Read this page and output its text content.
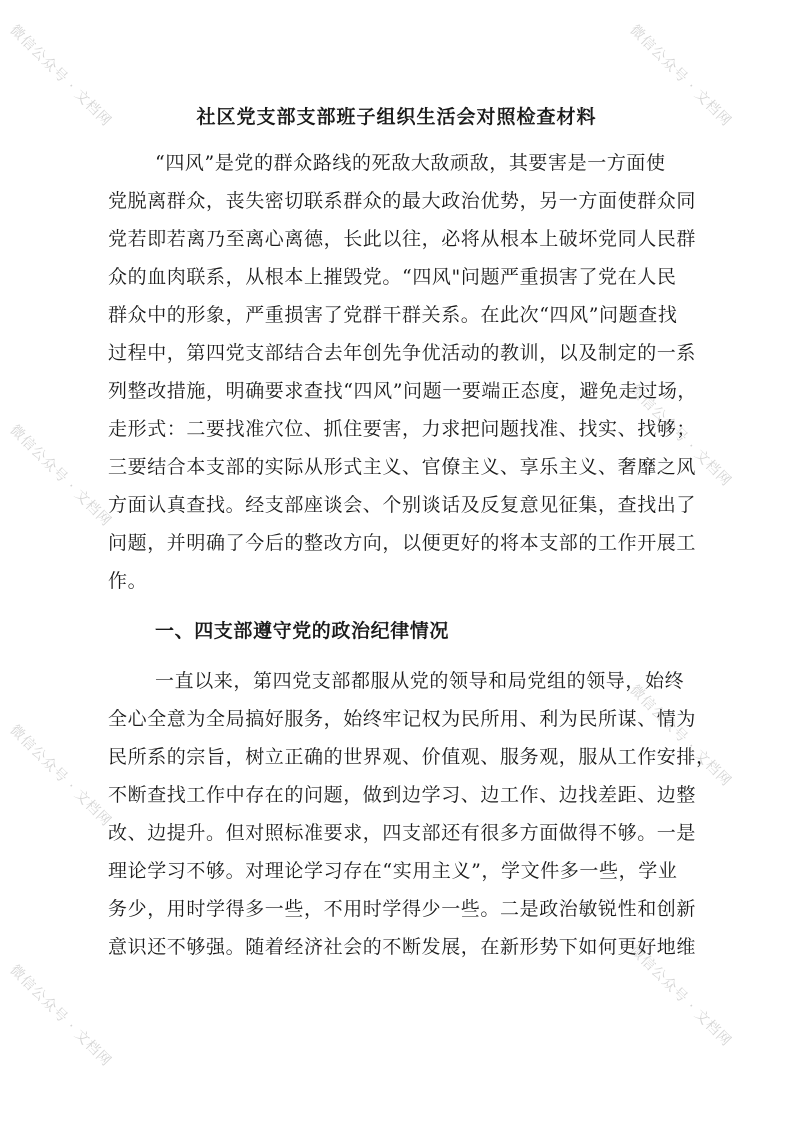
微信公众号 · 文档网	微信公众号 · 文档网
微信公众号 · 文档网	微信公众号 · 文档网
微信公众号 · 文档网	微信公众号 · 文档网
微信公众号 · 文档网	微信公众号 · 文档网
社区党支部支部班子组织生活会对照检查材料
“四风”是党的群众路线的死敌大敌顽敌，其要害是一方面使
党脱离群众，丧失密切联系群众的最大政治优势，另一方面使群众同
党若即若离乃至离心离德，长此以往，必将从根本上破坏党同人民群
众的血肉联系，从根本上摧毁党。“四风"问题严重损害了党在人民
群众中的形象，严重损害了党群干群关系。在此次“四风”问题查找
过程中，第四党支部结合去年创先争优活动的教训，以及制定的一系
列整改措施，明确要求查找“四风”问题一要端正态度，避免走过场，
走形式：二要找准穴位、抓住要害，力求把问题找准、找实、找够；
三要结合本支部的实际从形式主义、官僚主义、享乐主义、奢靡之风
方面认真查找。经支部座谈会、个别谈话及反复意见征集，查找出了
问题，并明确了今后的整改方向，以便更好的将本支部的工作开展工
作。
一、四支部遵守党的政治纪律情况
一直以来，第四党支部都服从党的领导和局党组的领导，始终
全心全意为全局搞好服务，始终牢记权为民所用、利为民所谋、情为
民所系的宗旨，树立正确的世界观、价值观、服务观，服从工作安排，
不断查找工作中存在的问题，做到边学习、边工作、边找差距、边整
改、边提升。但对照标准要求，四支部还有很多方面做得不够。一是
理论学习不够。对理论学习存在“实用主义”，学文件多一些，学业
务少，用时学得多一些，不用时学得少一些。二是政治敏锐性和创新
意识还不够强。随着经济社会的不断发展，在新形势下如何更好地维
